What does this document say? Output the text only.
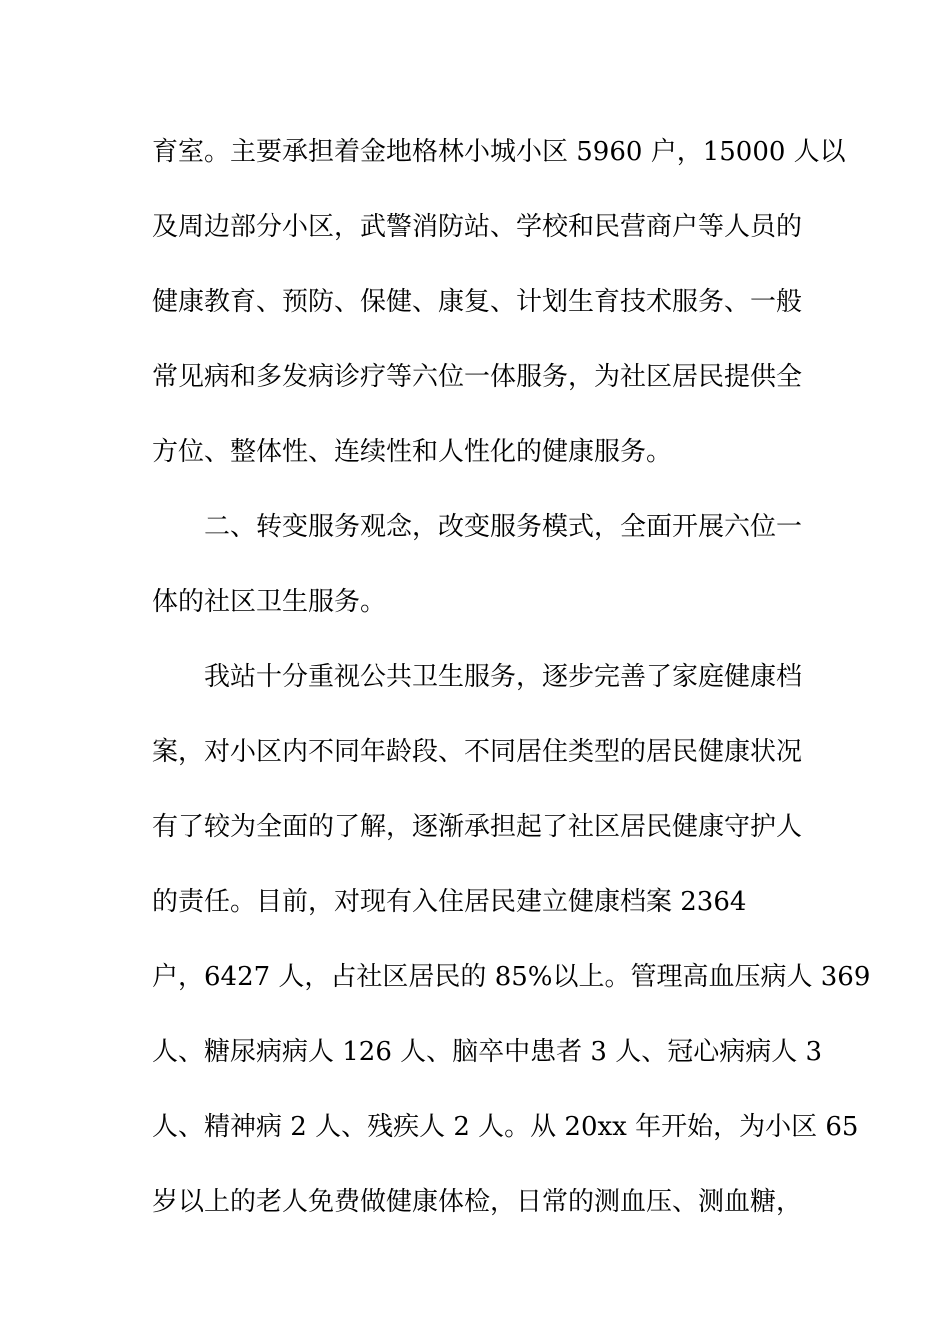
育室。主要承担着金地格林小城小区 5960 户，15000 人以
及周边部分小区，武警消防站、学校和民营商户等人员的
健康教育、预防、保健、康复、计划生育技术服务、一般
常见病和多发病诊疗等六位一体服务，为社区居民提供全
方位、整体性、连续性和人性化的健康服务。
二、转变服务观念，改变服务模式，全面开展六位一
体的社区卫生服务。
我站十分重视公共卫生服务，逐步完善了家庭健康档
案，对小区内不同年龄段、不同居住类型的居民健康状况
有了较为全面的了解，逐渐承担起了社区居民健康守护人
的责任。目前，对现有入住居民建立健康档案 2364
户，6427 人，占社区居民的 85%以上。管理高血压病人 369
人、糖尿病病人 126 人、脑卒中患者 3 人、冠心病病人 3
人、精神病 2 人、残疾人 2 人。从 20xx 年开始，为小区 65
岁以上的老人免费做健康体检，日常的测血压、测血糖，
